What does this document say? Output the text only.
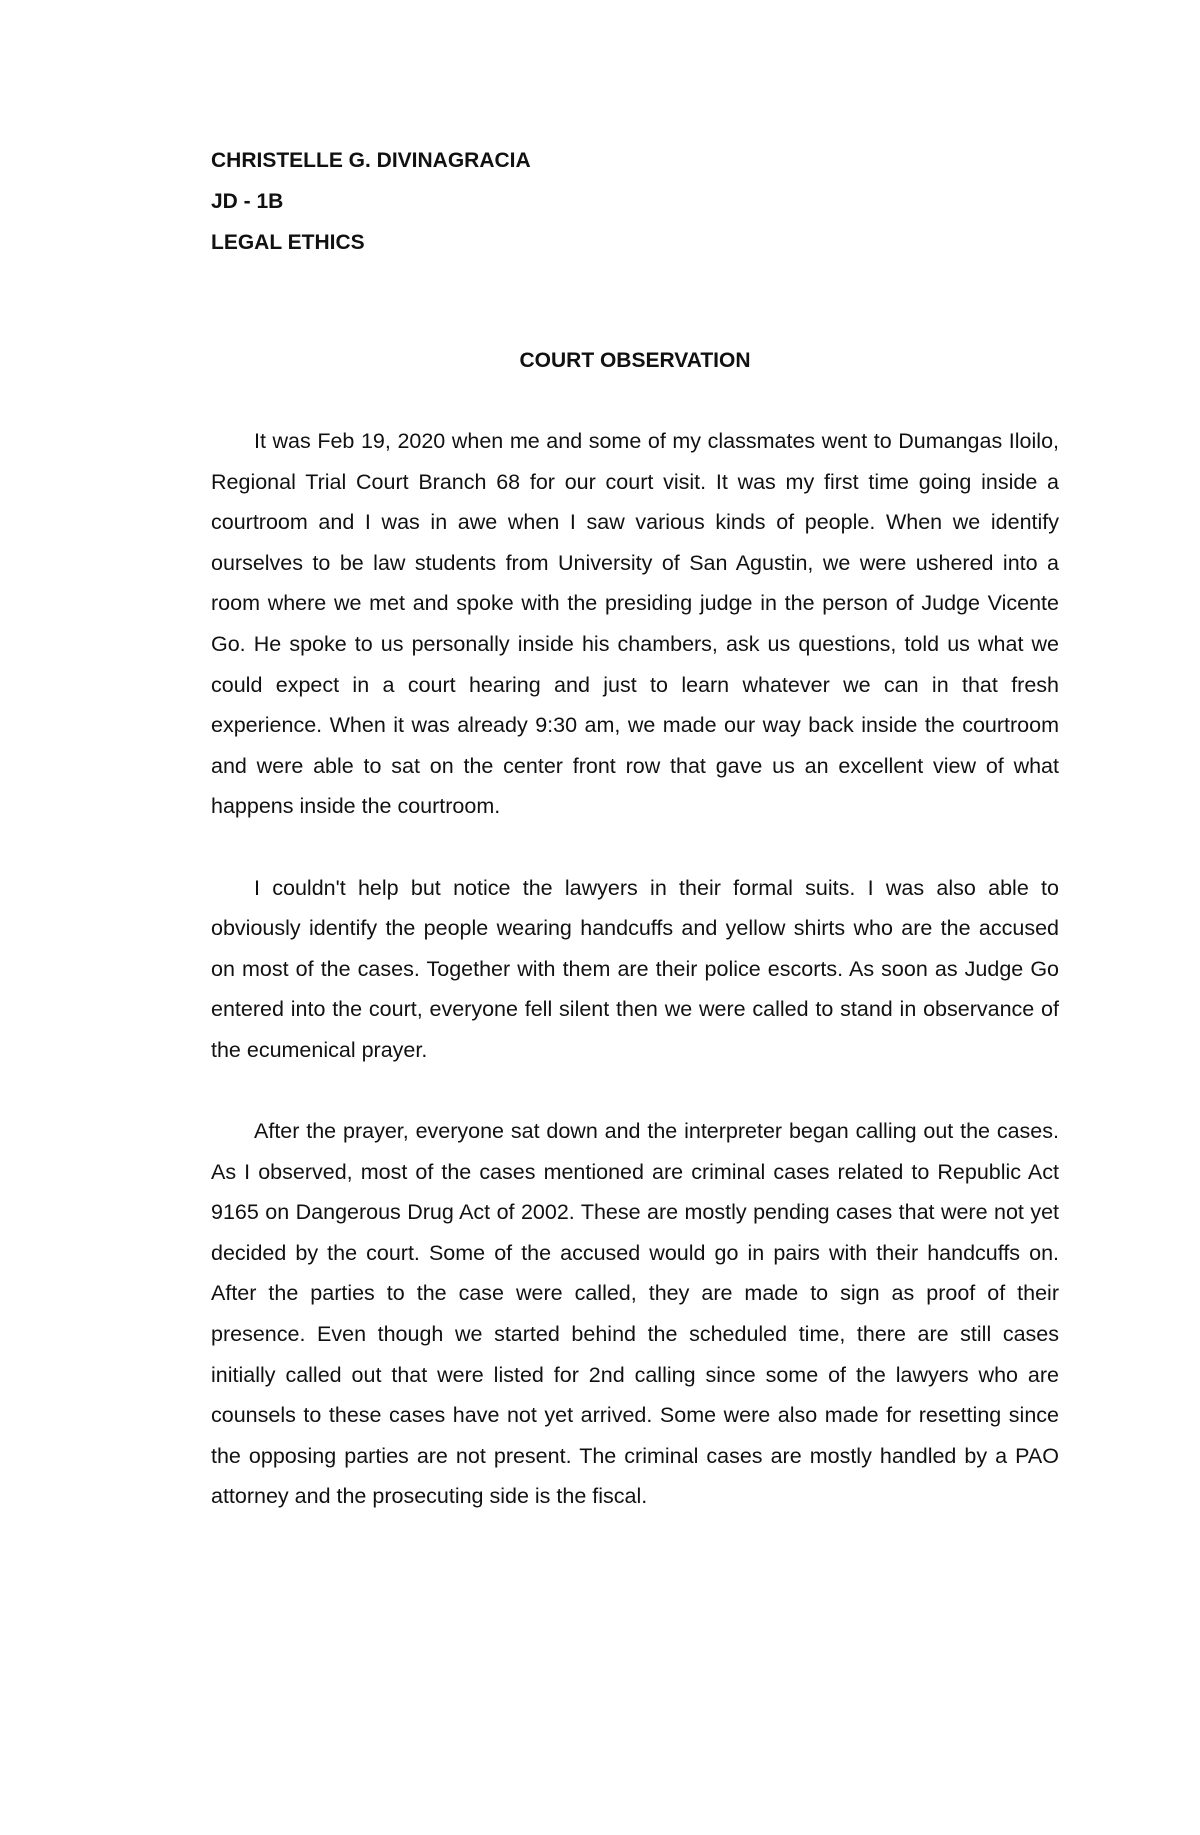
CHRISTELLE G. DIVINAGRACIA

JD - 1B

LEGAL ETHICS

COURT OBSERVATION

It was Feb 19, 2020 when me and some of my classmates went to Dumangas Iloilo, Regional Trial Court Branch 68 for our court visit. It was my first time going inside a courtroom and I was in awe when I saw various kinds of people. When we identify ourselves to be law students from University of San Agustin, we were ushered into a room where we met and spoke with the presiding judge in the person of Judge Vicente Go. He spoke to us personally inside his chambers, ask us questions, told us what we could expect in a court hearing and just to learn whatever we can in that fresh experience. When it was already 9:30 am, we made our way back inside the courtroom and were able to sat on the center front row that gave us an excellent view of what happens inside the courtroom.

I couldn't help but notice the lawyers in their formal suits. I was also able to obviously identify the people wearing handcuffs and yellow shirts who are the accused on most of the cases. Together with them are their police escorts. As soon as Judge Go entered into the court, everyone fell silent then we were called to stand in observance of the ecumenical prayer.

After the prayer, everyone sat down and the interpreter began calling out the cases. As I observed, most of the cases mentioned are criminal cases related to Republic Act 9165 on Dangerous Drug Act of 2002. These are mostly pending cases that were not yet decided by the court. Some of the accused would go in pairs with their handcuffs on. After the parties to the case were called, they are made to sign as proof of their presence. Even though we started behind the scheduled time, there are still cases initially called out that were listed for 2nd calling since some of the lawyers who are counsels to these cases have not yet arrived. Some were also made for resetting since the opposing parties are not present. The criminal cases are mostly handled by a PAO attorney and the prosecuting side is the fiscal.
